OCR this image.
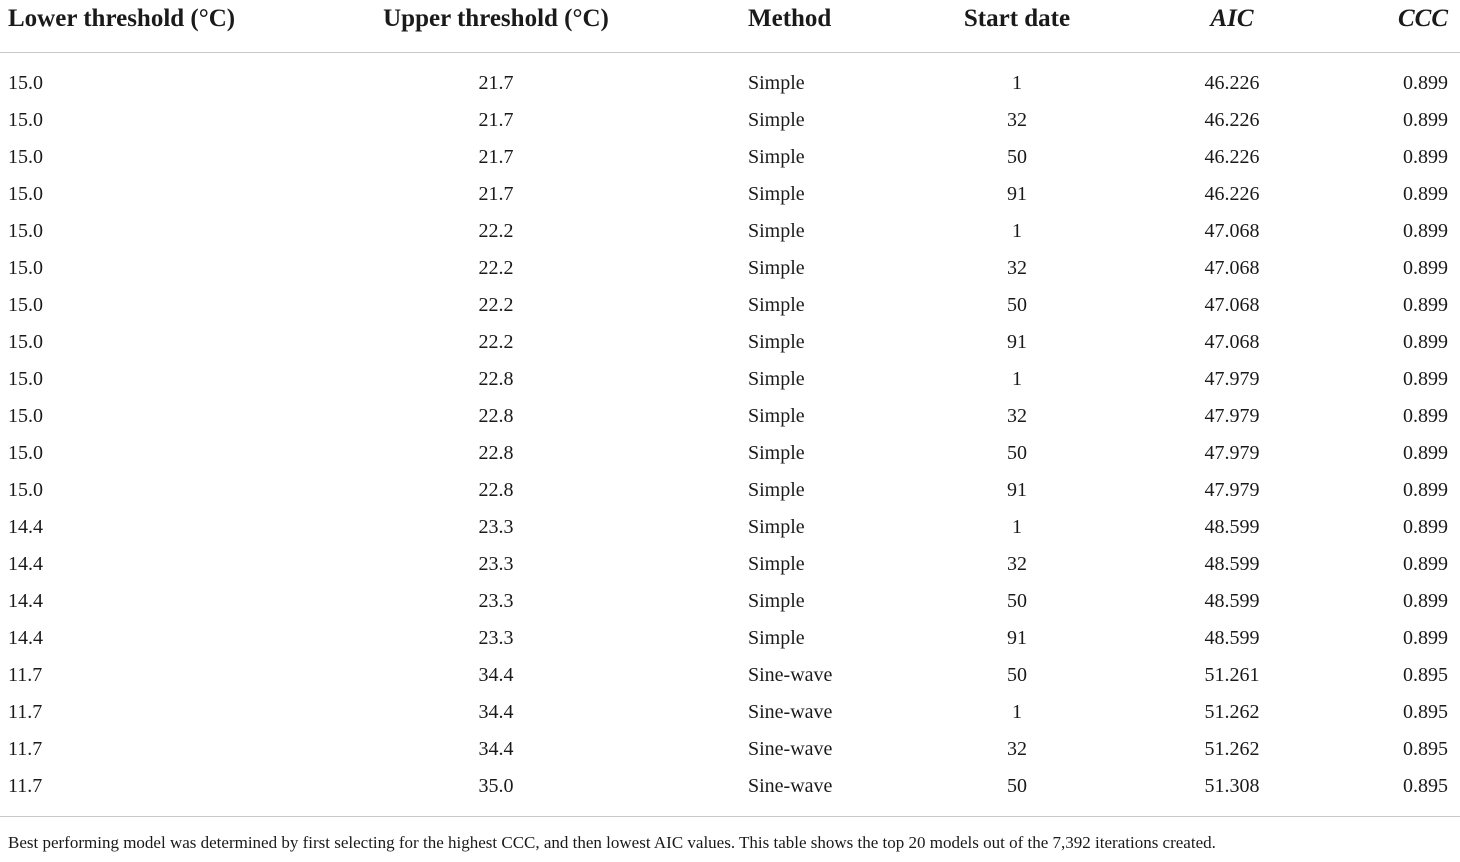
Lower threshold (°C)	Upper threshold (°C)	Method	Start date	AIC	CCC
15.0	21.7	Simple	1	46.226	0.899
15.0	21.7	Simple	32	46.226	0.899
15.0	21.7	Simple	50	46.226	0.899
15.0	21.7	Simple	91	46.226	0.899
15.0	22.2	Simple	1	47.068	0.899
15.0	22.2	Simple	32	47.068	0.899
15.0	22.2	Simple	50	47.068	0.899
15.0	22.2	Simple	91	47.068	0.899
15.0	22.8	Simple	1	47.979	0.899
15.0	22.8	Simple	32	47.979	0.899
15.0	22.8	Simple	50	47.979	0.899
15.0	22.8	Simple	91	47.979	0.899
14.4	23.3	Simple	1	48.599	0.899
14.4	23.3	Simple	32	48.599	0.899
14.4	23.3	Simple	50	48.599	0.899
14.4	23.3	Simple	91	48.599	0.899
11.7	34.4	Sine-wave	50	51.261	0.895
11.7	34.4	Sine-wave	1	51.262	0.895
11.7	34.4	Sine-wave	32	51.262	0.895
11.7	35.0	Sine-wave	50	51.308	0.895
Best performing model was determined by first selecting for the highest CCC, and then lowest AIC values. This table shows the top 20 models out of the 7,392 iterations created.
